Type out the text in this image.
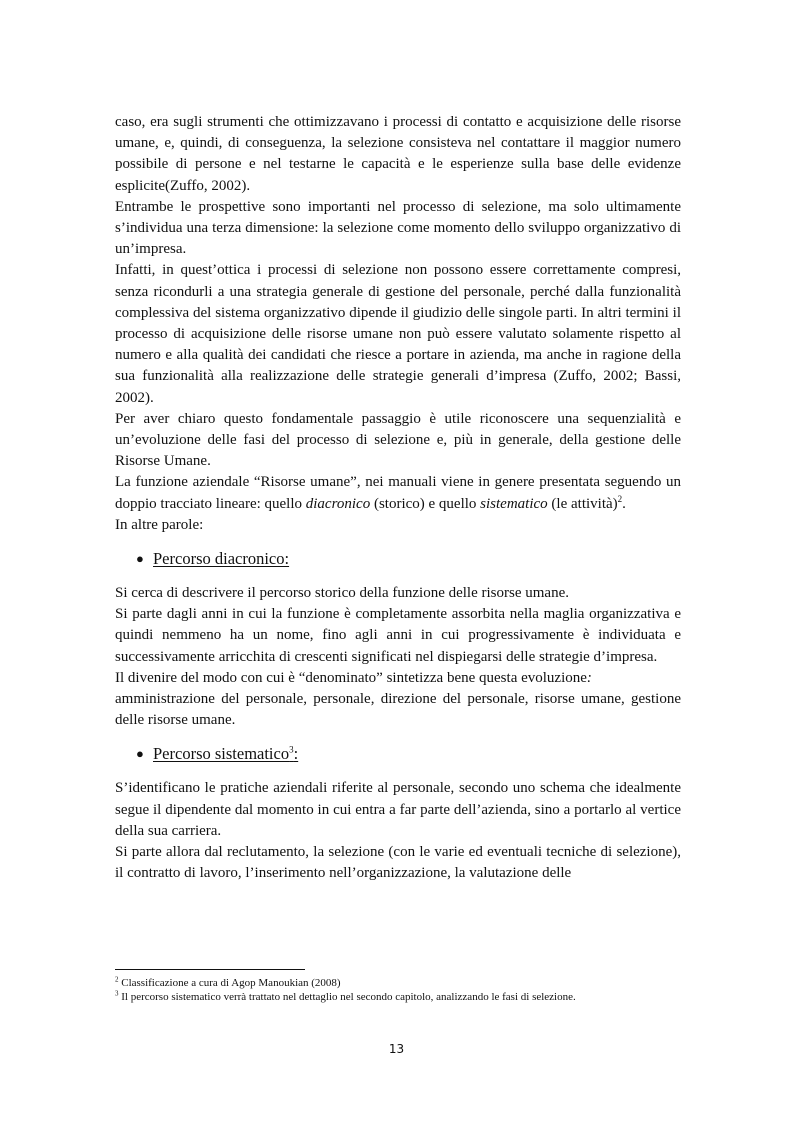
caso, era sugli strumenti che ottimizzavano i processi di contatto e acquisizione delle risorse umane, e, quindi, di conseguenza, la selezione consisteva nel contattare il maggior numero possibile di persone e nel testarne le capacità e le esperienze sulla base delle evidenze esplicite(Zuffo, 2002).

Entrambe le prospettive sono importanti nel processo di selezione, ma solo ultimamente s’individua una terza dimensione: la selezione come momento dello sviluppo organizzativo di un’impresa.

Infatti, in quest’ottica i processi di selezione non possono essere correttamente compresi, senza ricondurli a una strategia generale di gestione del personale, perché dalla funzionalità complessiva del sistema organizzativo dipende il giudizio delle singole parti. In altri termini il processo di acquisizione delle risorse umane non può essere valutato solamente rispetto al numero e alla qualità dei candidati che riesce a portare in azienda, ma anche in ragione della sua funzionalità alla realizzazione delle strategie generali d’impresa (Zuffo, 2002; Bassi, 2002).

Per aver chiaro questo fondamentale passaggio è utile riconoscere una sequenzialità e un’evoluzione delle fasi del processo di selezione e, più in generale, della gestione delle Risorse Umane.

La funzione aziendale “Risorse umane”, nei manuali viene in genere presentata seguendo un doppio tracciato lineare: quello diacronico (storico) e quello sistematico (le attività)$^2$.

In altre parole:

● Percorso diacronico:

Si cerca di descrivere il percorso storico della funzione delle risorse umane.

Si parte dagli anni in cui la funzione è completamente assorbita nella maglia organizzativa e quindi nemmeno ha un nome, fino agli anni in cui progressivamente è individuata e successivamente arricchita di crescenti significati nel dispiegarsi delle strategie d’impresa.

Il divenire del modo con cui è “denominato” sintetizza bene questa evoluzione:

amministrazione del personale, personale, direzione del personale, risorse umane, gestione delle risorse umane.

● Percorso sistematico$^3$:

S’identificano le pratiche aziendali riferite al personale, secondo uno schema che idealmente segue il dipendente dal momento in cui entra a far parte dell’azienda, sino a portarlo al vertice della sua carriera.

Si parte allora dal reclutamento, la selezione (con le varie ed eventuali tecniche di selezione), il contratto di lavoro, l’inserimento nell’organizzazione, la valutazione delle

$^2$ Classificazione a cura di Agop Manoukian (2008)

$^3$ Il percorso sistematico verrà trattato nel dettaglio nel secondo capitolo, analizzando le fasi di selezione.

13
